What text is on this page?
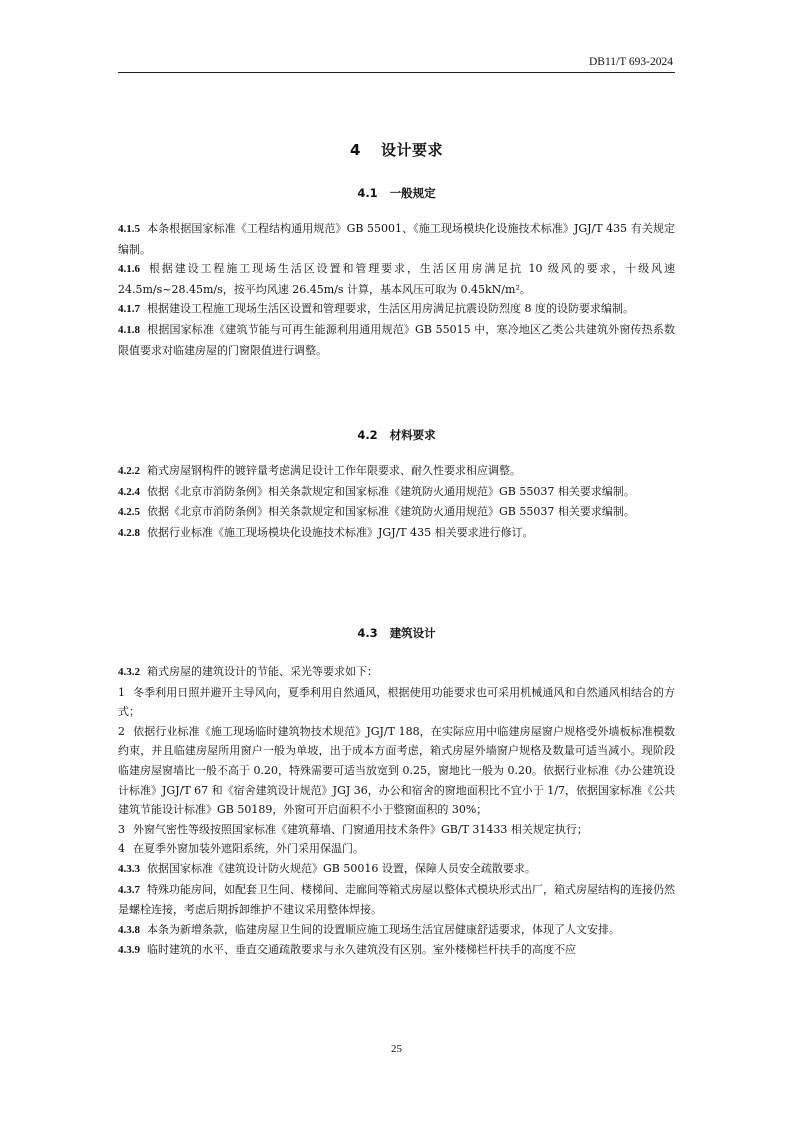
DB11/T 693-2024
4 设计要求
4.1 一般规定

4.1.5 本条根据国家标准《工程结构通用规范》GB 55001、《施工现场模块化设施技术标准》JGJ/T 435 有关规定编制。

4.1.6 根据建设工程施工现场生活区设置和管理要求，生活区用房满足抗 10 级风的要求，十级风速 24.5m/s~28.45m/s，按平均风速 26.45m/s 计算，基本风压可取为 0.45kN/m²。

4.1.7 根据建设工程施工现场生活区设置和管理要求，生活区用房满足抗震设防烈度 8 度的设防要求编制。

4.1.8 根据国家标准《建筑节能与可再生能源利用通用规范》GB 55015 中，寒冷地区乙类公共建筑外窗传热系数限值要求对临建房屋的门窗限值进行调整。

4.2 材料要求

4.2.2 箱式房屋钢构件的镀锌量考虑满足设计工作年限要求、耐久性要求相应调整。

4.2.4 依据《北京市消防条例》相关条款规定和国家标准《建筑防火通用规范》GB 55037 相关要求编制。

4.2.5 依据《北京市消防条例》相关条款规定和国家标准《建筑防火通用规范》GB 55037 相关要求编制。

4.2.8 依据行业标准《施工现场模块化设施技术标准》JGJ/T 435 相关要求进行修订。

4.3 建筑设计

4.3.2 箱式房屋的建筑设计的节能、采光等要求如下：

1 冬季利用日照并避开主导风向，夏季利用自然通风，根据使用功能要求也可采用机械通风和自然通风相结合的方式；

2 依据行业标准《施工现场临时建筑物技术规范》JGJ/T 188，在实际应用中临建房屋窗户规格受外墙板标准模数约束，并且临建房屋所用窗户一般为单坡，出于成本方面考虑，箱式房屋外墙窗户规格及数量可适当减小。现阶段临建房屋窗墙比一般不高于 0.20，特殊需要可适当放宽到 0.25，窗地比一般为 0.20。依据行业标准《办公建筑设计标准》JGJ/T 67 和《宿舍建筑设计规范》JGJ 36，办公和宿舍的窗地面积比不宜小于 1/7，依据国家标准《公共建筑节能设计标准》GB 50189，外窗可开启面积不小于整窗面积的 30%；

3 外窗气密性等级按照国家标准《建筑幕墙、门窗通用技术条件》GB/T 31433 相关规定执行；

4 在夏季外窗加装外遮阳系统，外门采用保温门。

4.3.3 依据国家标准《建筑设计防火规范》GB 50016 设置，保障人员安全疏散要求。

4.3.7 特殊功能房间，如配套卫生间、楼梯间、走廊间等箱式房屋以整体式模块形式出厂，箱式房屋结构的连接仍然是螺栓连接，考虑后期拆卸维护不建议采用整体焊接。

4.3.8 本条为新增条款，临建房屋卫生间的设置顺应施工现场生活宜居健康舒适要求，体现了人文安排。

4.3.9 临时建筑的水平、垂直交通疏散要求与永久建筑没有区别。室外楼梯栏杆扶手的高度不应

25
